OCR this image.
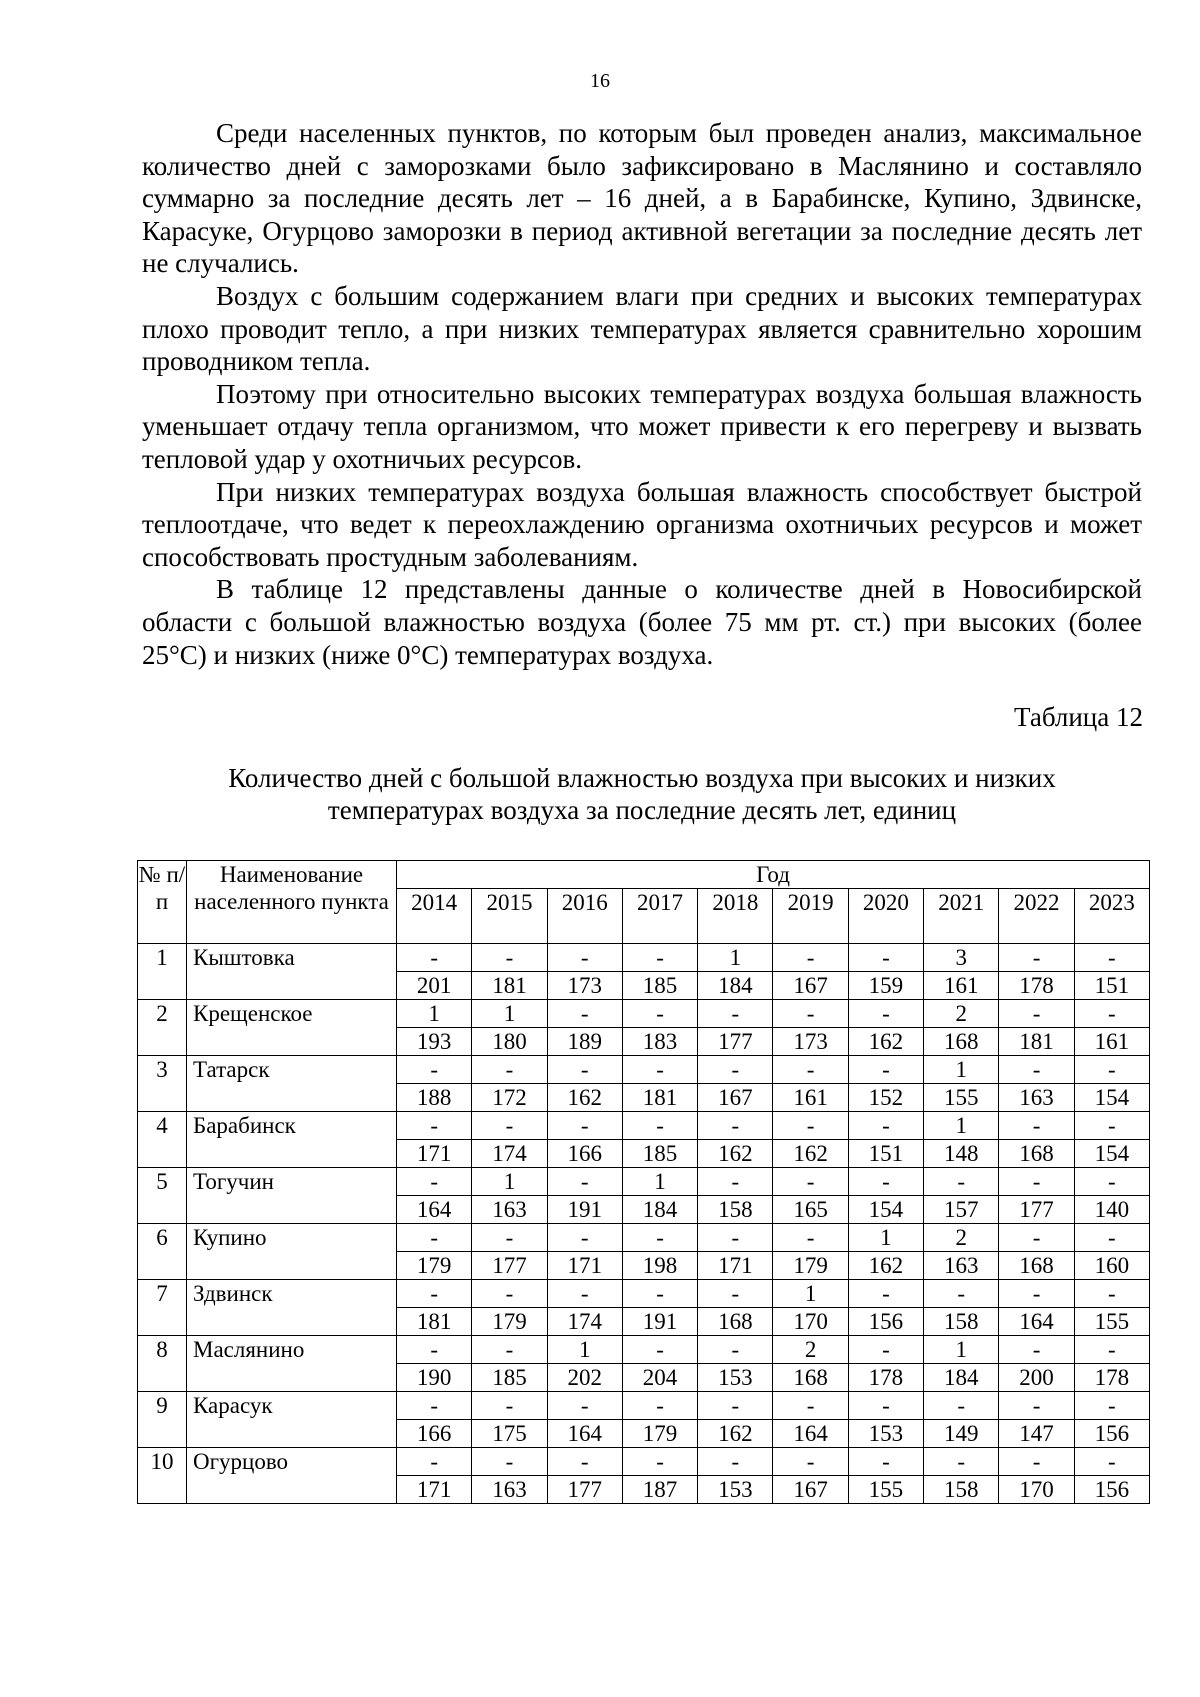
16

Среди населенных пунктов, по которым был проведен анализ, максимальное количество дней с заморозками было зафиксировано в Маслянино и составляло суммарно за последние десять лет – 16 дней, а в Барабинске, Купино, Здвинске, Карасуке, Огурцово заморозки в период активной вегетации за последние десять лет не случались.

Воздух с большим содержанием влаги при средних и высоких температурах плохо проводит тепло, а при низких температурах является сравнительно хорошим проводником тепла.

Поэтому при относительно высоких температурах воздуха большая влажность уменьшает отдачу тепла организмом, что может привести к его перегреву и вызвать тепловой удар у охотничьих ресурсов.

При низких температурах воздуха большая влажность способствует быстрой теплоотдаче, что ведет к переохлаждению организма охотничьих ресурсов и может способствовать простудным заболеваниям.

В таблице 12 представлены данные о количестве дней в Новосибирской области с большой влажностью воздуха (более 75 мм рт. ст.) при высоких (более 25°С) и низких (ниже 0°С) температурах воздуха.

Таблица 12
Количество дней с большой влажностью воздуха при высоких и низких
температурах воздуха за последние десять лет, единиц
№ п/п	Наименование населенного пункта	Год									
		2014	2015	2016	2017	2018	2019	2020	2021	2022	2023
1	Кыштовка	-	-	-	-	1	-	-	3	-	-
		201	181	173	185	184	167	159	161	178	151
2	Крещенское	1	1	-	-	-	-	-	2	-	-
		193	180	189	183	177	173	162	168	181	161
3	Татарск	-	-	-	-	-	-	-	1	-	-
		188	172	162	181	167	161	152	155	163	154
4	Барабинск	-	-	-	-	-	-	-	1	-	-
		171	174	166	185	162	162	151	148	168	154
5	Тогучин	-	1	-	1	-	-	-	-	-	-
		164	163	191	184	158	165	154	157	177	140
6	Купино	-	-	-	-	-	-	1	2	-	-
		179	177	171	198	171	179	162	163	168	160
7	Здвинск	-	-	-	-	-	1	-	-	-	-
		181	179	174	191	168	170	156	158	164	155
8	Маслянино	-	-	1	-	-	2	-	1	-	-
		190	185	202	204	153	168	178	184	200	178
9	Карасук	-	-	-	-	-	-	-	-	-	-
		166	175	164	179	162	164	153	149	147	156
10	Огурцово	-	-	-	-	-	-	-	-	-	-
		171	163	177	187	153	167	155	158	170	156
